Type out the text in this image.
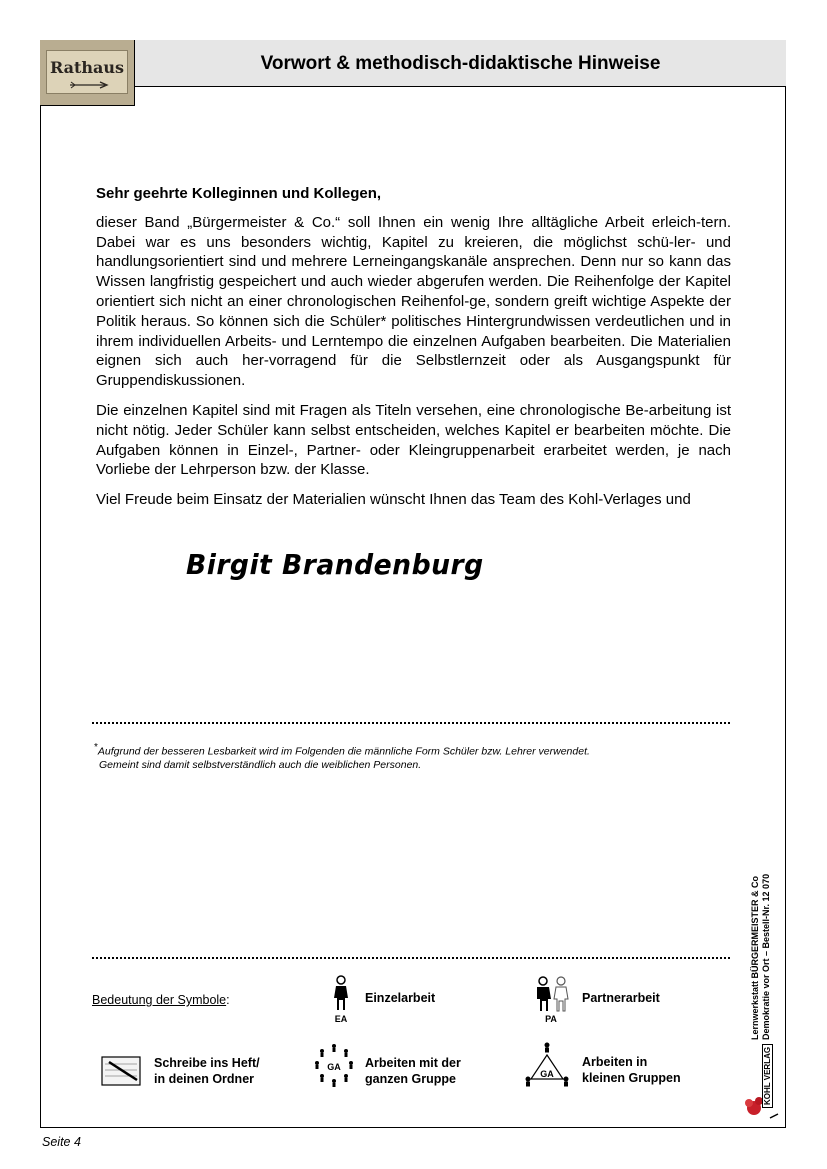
Rathaus	Vorwort & methodisch-didaktische Hinweise

Sehr geehrte Kolleginnen und Kollegen,

dieser Band „Bürgermeister & Co.“ soll Ihnen ein wenig Ihre alltägliche Arbeit erleich-tern. Dabei war es uns besonders wichtig, Kapitel zu kreieren, die möglichst schü-ler- und handlungsorientiert sind und mehrere Lerneingangskanäle ansprechen. Denn nur so kann das Wissen langfristig gespeichert und auch wieder abgerufen werden. Die Reihenfolge der Kapitel orientiert sich nicht an einer chronologischen Reihenfol-ge, sondern greift wichtige Aspekte der Politik heraus. So können sich die Schüler* politisches Hintergrundwissen verdeutlichen und in ihrem individuellen Arbeits- und Lerntempo die einzelnen Aufgaben bearbeiten. Die Materialien eignen sich auch her-vorragend für die Selbstlernzeit oder als Ausgangspunkt für Gruppendiskussionen.

Die einzelnen Kapitel sind mit Fragen als Titeln versehen, eine chronologische Be-arbeitung ist nicht nötig. Jeder Schüler kann selbst entscheiden, welches Kapitel er bearbeiten möchte. Die Aufgaben können in Einzel-, Partner- oder Kleingruppenarbeit erarbeitet werden, je nach Vorliebe der Lehrperson bzw. der Klasse.

Viel Freude beim Einsatz der Materialien wünscht Ihnen das Team des Kohl-Verlages und

Birgit Brandenburg
*Aufgrund der besseren Lesbarkeit wird im Folgenden die männliche Form Schüler bzw. Lehrer verwendet.
Gemeint sind damit selbstverständlich auch die weiblichen Personen.
Lernwerkstatt BÜRGERMEISTER & Co Demokratie vor Ort – Bestell-Nr. 12 070
Bedeutung der Symbole:
EA
Einzelarbeit
PA
Partnerarbeit
Schreibe ins Heft/
in deinen Ordner
GA	Arbeiten mit der
ganzen Gruppe	GA
Arbeiten in
kleinen Gruppen	KOHL VERLAG
Seite 4
